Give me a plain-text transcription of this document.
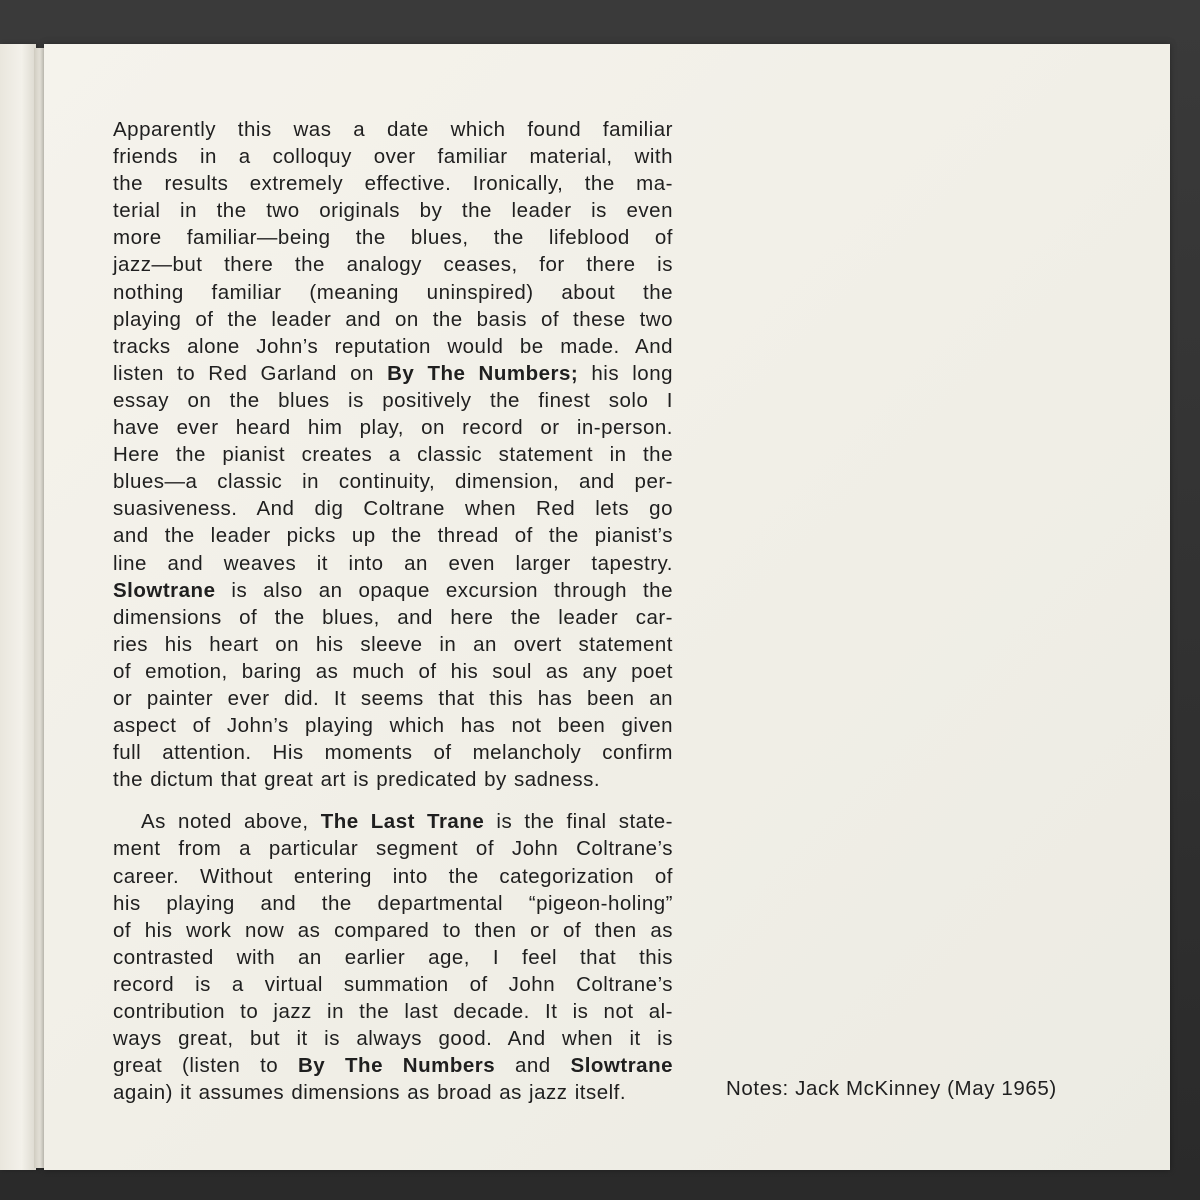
Apparently this was a date which found familiar
friends in a colloquy over familiar material, with
the results extremely effective. Ironically, the ma-
terial in the two originals by the leader is even
more familiar—being the blues, the lifeblood of
jazz—but there the analogy ceases, for there is
nothing familiar (meaning uninspired) about the
playing of the leader and on the basis of these two
tracks alone John’s reputation would be made. And
listen to Red Garland on By The Numbers; his long
essay on the blues is positively the finest solo I
have ever heard him play, on record or in-person.
Here the pianist creates a classic statement in the
blues—a classic in continuity, dimension, and per-
suasiveness. And dig Coltrane when Red lets go
and the leader picks up the thread of the pianist’s
line and weaves it into an even larger tapestry.
Slowtrane is also an opaque excursion through the
dimensions of the blues, and here the leader car-
ries his heart on his sleeve in an overt statement
of emotion, baring as much of his soul as any poet
or painter ever did. It seems that this has been an
aspect of John’s playing which has not been given
full attention. His moments of melancholy confirm
the dictum that great art is predicated by sadness.
As noted above, The Last Trane is the final state-
ment from a particular segment of John Coltrane’s
career. Without entering into the categorization of
his playing and the departmental “pigeon-holing”
of his work now as compared to then or of then as
contrasted with an earlier age, I feel that this
record is a virtual summation of John Coltrane’s
contribution to jazz in the last decade. It is not al-
ways great, but it is always good. And when it is
great (listen to By The Numbers and Slowtrane
again) it assumes dimensions as broad as jazz itself.	Notes: Jack McKinney (May 1965)
